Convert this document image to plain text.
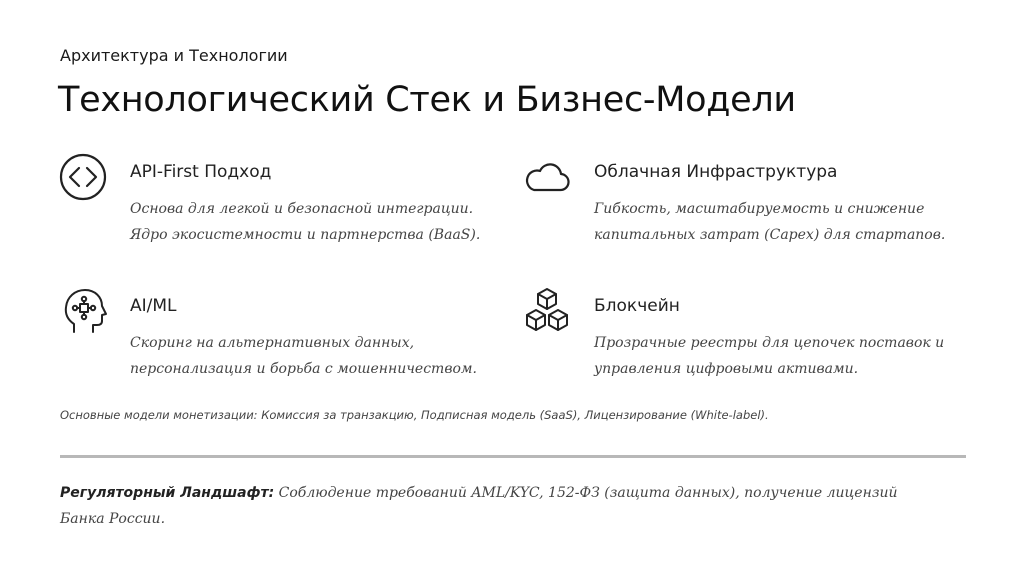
Архитектура и Технологии
Технологический Стек и Бизнес-Модели
API-First Подход
Основа для легкой и безопасной интеграции.
Ядро экосистемности и партнерства (BaaS).
Облачная Инфраструктура
Гибкость, масштабируемость и снижение
капитальных затрат (Capex) для стартапов.
AI/ML
Скоринг на альтернативных данных,
персонализация и борьба с мошенничеством.
Блокчейн
Прозрачные реестры для цепочек поставок и
управления цифровыми активами.
Основные модели монетизации: Комиссия за транзакцию, Подписная модель (SaaS), Лицензирование (White-label).
Регуляторный Ландшафт: Соблюдение требований AML/KYC, 152-ФЗ (защита данных), получение лицензий Банка России.
